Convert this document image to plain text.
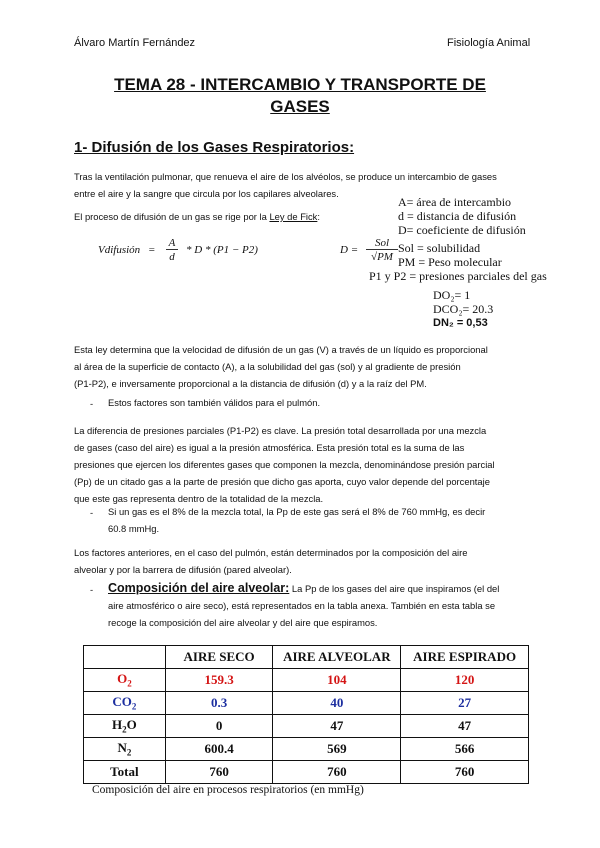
Álvaro Martín Fernández	Fisiología Animal
TEMA 28 - INTERCAMBIO Y TRANSPORTE DE
GASES
1- Difusión de los Gases Respiratorios:
Tras la ventilación pulmonar, que renueva el aire de los alvéolos, se produce un intercambio de gases
entre el aire y la sangre que circula por los capilares alveolares.
El proceso de difusión de un gas se rige por la Ley de Fick:
Vdifusión =
A
d
* D * (P1 − P2)	D =
Sol
√PM
A= área de intercambio
d = distancia de difusión
D= coeficiente de difusión
Sol = solubilidad
PM = Peso molecular
P1 y P2 = presiones parciales del gas
DO₂= 1
DCO₂= 20.3
DN₂ = 0,53
Esta ley determina que la velocidad de difusión de un gas (V) a través de un líquido es proporcional
al área de la superficie de contacto (A), a la solubilidad del gas (sol) y al gradiente de presión
(P1-P2), e inversamente proporcional a la distancia de difusión (d) y a la raíz del PM.
- Estos factores son también válidos para el pulmón.
La diferencia de presiones parciales (P1-P2) es clave. La presión total desarrollada por una mezcla
de gases (caso del aire) es igual a la presión atmosférica. Esta presión total es la suma de las
presiones que ejercen los diferentes gases que componen la mezcla, denominándose presión parcial
(Pp) de un citado gas a la parte de presión que dicho gas aporta, cuyo valor depende del porcentaje
que este gas representa dentro de la totalidad de la mezcla.
- Si un gas es el 8% de la mezcla total, la Pp de este gas será el 8% de 760 mmHg, es decir
60.8 mmHg.
Los factores anteriores, en el caso del pulmón, están determinados por la composición del aire
alveolar y por la barrera de difusión (pared alveolar).
- Composición del aire alveolar: La Pp de los gases del aire que inspiramos (el del
aire atmosférico o aire seco), está representados en la tabla anexa. También en esta tabla se
recoge la composición del aire alveolar y del aire que espiramos.
	AIRE SECO	AIRE ALVEOLAR	AIRE ESPIRADO
$O_2$	159.3	104	120
$CO_2$	0.3	40	27
$H_2O$	0	47	47
$N_2$	600.4	569	566
Total	760	760	760
Composición del aire en procesos respiratorios (en mmHg)
